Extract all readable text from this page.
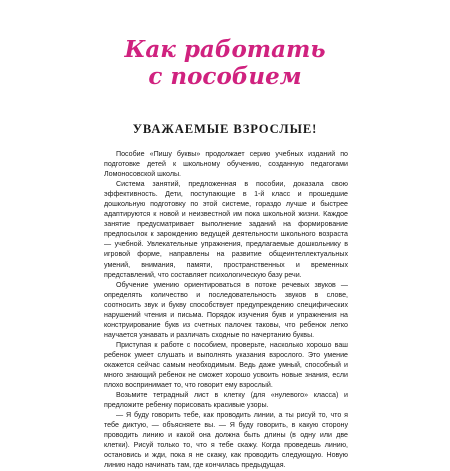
Как работать
с пособием
УВАЖАЕМЫЕ ВЗРОСЛЫЕ!

Пособие «Пишу буквы» продолжает серию учебных изданий по подготовке детей к школьному обучению, созданную педагогами Ломоносовской школы.

Система занятий, предложенная в пособии, доказала свою эффективность. Дети, поступающие в 1-й класс и прошедшие дошкольную подготовку по этой системе, гораздо лучше и быстрее адаптируются к новой и неизвестной им пока школьной жизни. Каждое занятие предусматривает выполнение заданий на формирование предпосылок к зарождению ведущей деятельности школьного возраста — учебной. Увлекательные упражнения, предлагаемые дошкольнику в игровой форме, направлены на развитие общеинтеллектуальных умений, внимания, памяти, пространственных и временных представлений, что составляет психологическую базу речи.

Обучение умению ориентироваться в потоке речевых звуков — определять количество и последовательность звуков в слове, соотносить звук и букву способствует предупреждению специфических нарушений чтения и письма. Порядок изучения букв и упражнения на конструирование букв из счетных палочек таковы, что ребенок легко научается узнавать и различать сходные по начертанию буквы.

Приступая к работе с пособием, проверьте, насколько хорошо ваш ребенок умеет слушать и выполнять указания взрослого. Это умение окажется сейчас самым необходимым. Ведь даже умный, способный и много знающий ребенок не сможет хорошо усвоить новые знания, если плохо воспринимает то, что говорит ему взрослый.

Возьмите тетрадный лист в клетку (для «нулевого» класса) и предложите ребенку порисовать красивые узоры.

— Я буду говорить тебе, как проводить линии, а ты рисуй то, что я тебе диктую, — объясняете вы. — Я буду говорить, в какую сторону проводить линию и какой она должна быть длины (в одну или две клетки). Рисуй только то, что я тебе скажу. Когда проведешь линию, остановись и жди, пока я не скажу, как проводить следующую. Новую линию надо начинать там, где кончилась предыдущая.
